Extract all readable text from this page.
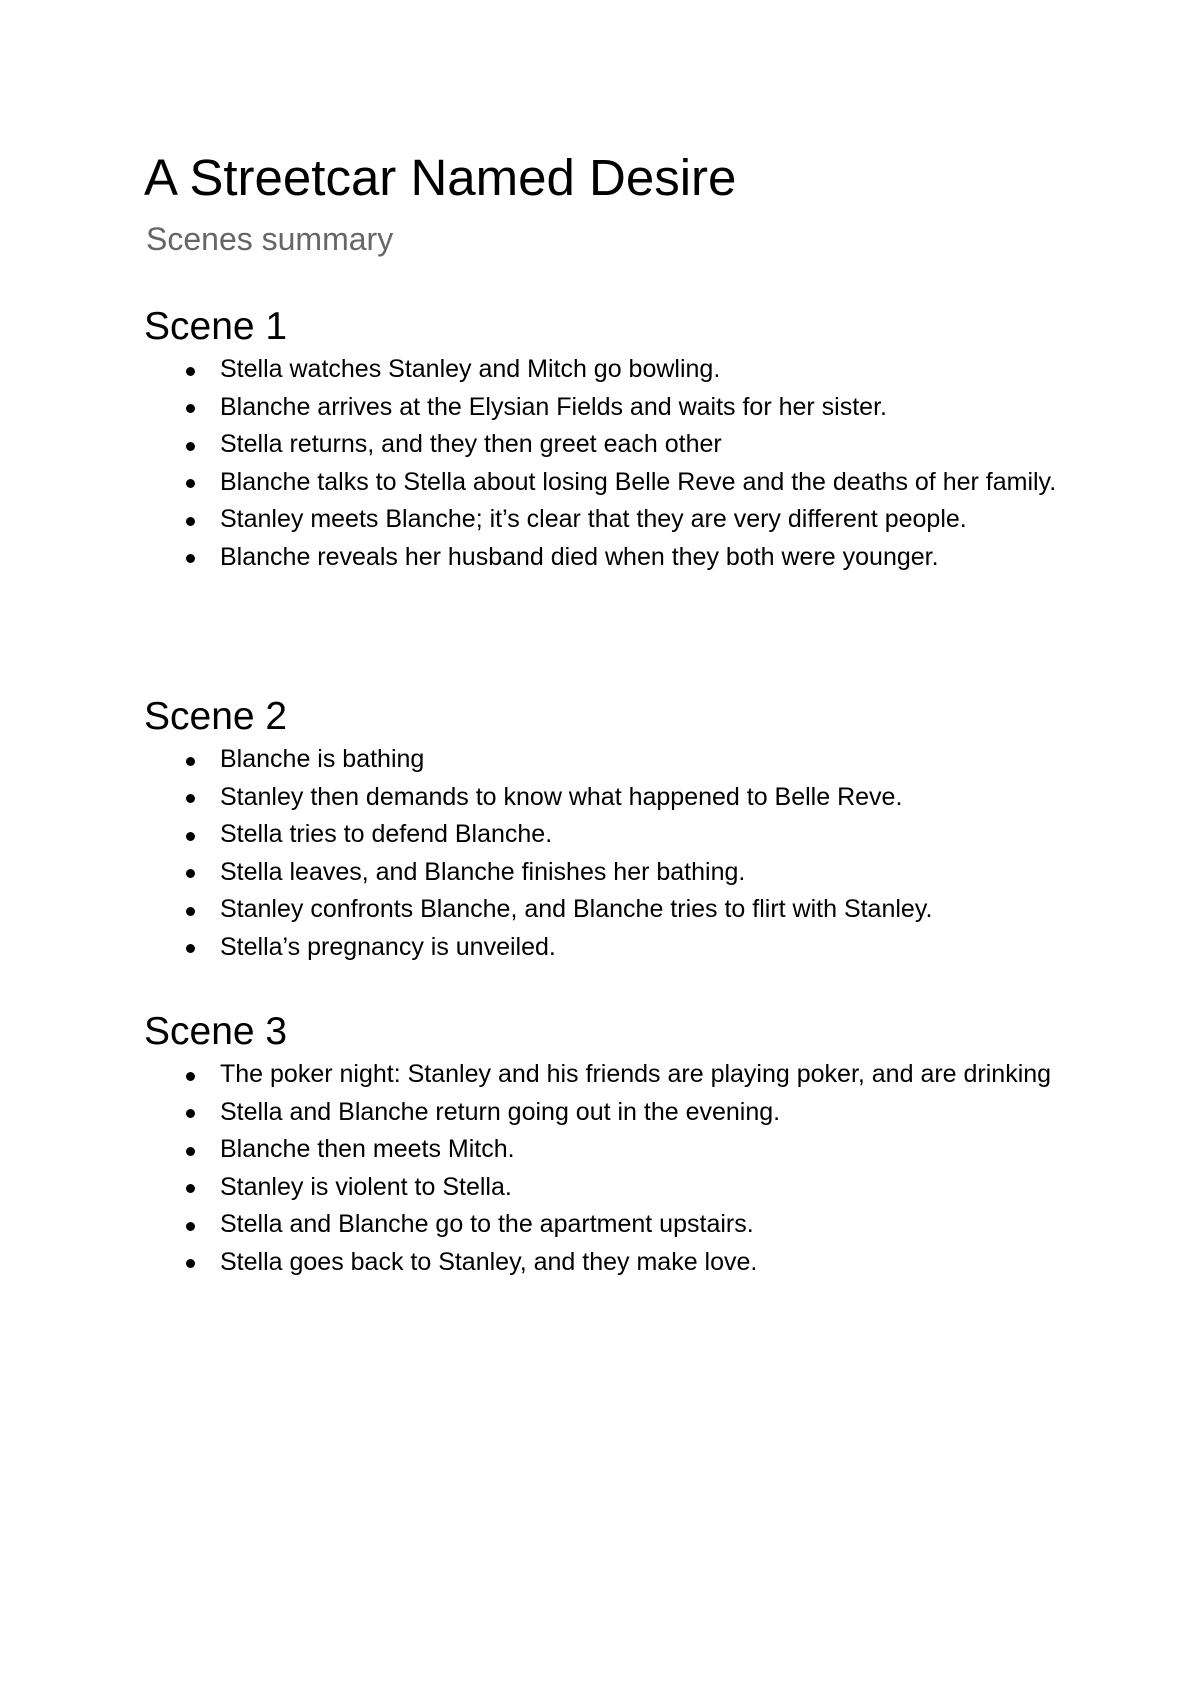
A Streetcar Named Desire
Scenes summary
Scene 1
Stella watches Stanley and Mitch go bowling.
Blanche arrives at the Elysian Fields and waits for her sister.
Stella returns, and they then greet each other
Blanche talks to Stella about losing Belle Reve and the deaths of her family.
Stanley meets Blanche; it’s clear that they are very different people.
Blanche reveals her husband died when they both were younger.
Scene 2
Blanche is bathing
Stanley then demands to know what happened to Belle Reve.
Stella tries to defend Blanche.
Stella leaves, and Blanche finishes her bathing.
Stanley confronts Blanche, and Blanche tries to flirt with Stanley.
Stella’s pregnancy is unveiled.
Scene 3
The poker night: Stanley and his friends are playing poker, and are drinking
Stella and Blanche return going out in the evening.
Blanche then meets Mitch.
Stanley is violent to Stella.
Stella and Blanche go to the apartment upstairs.
Stella goes back to Stanley, and they make love.
